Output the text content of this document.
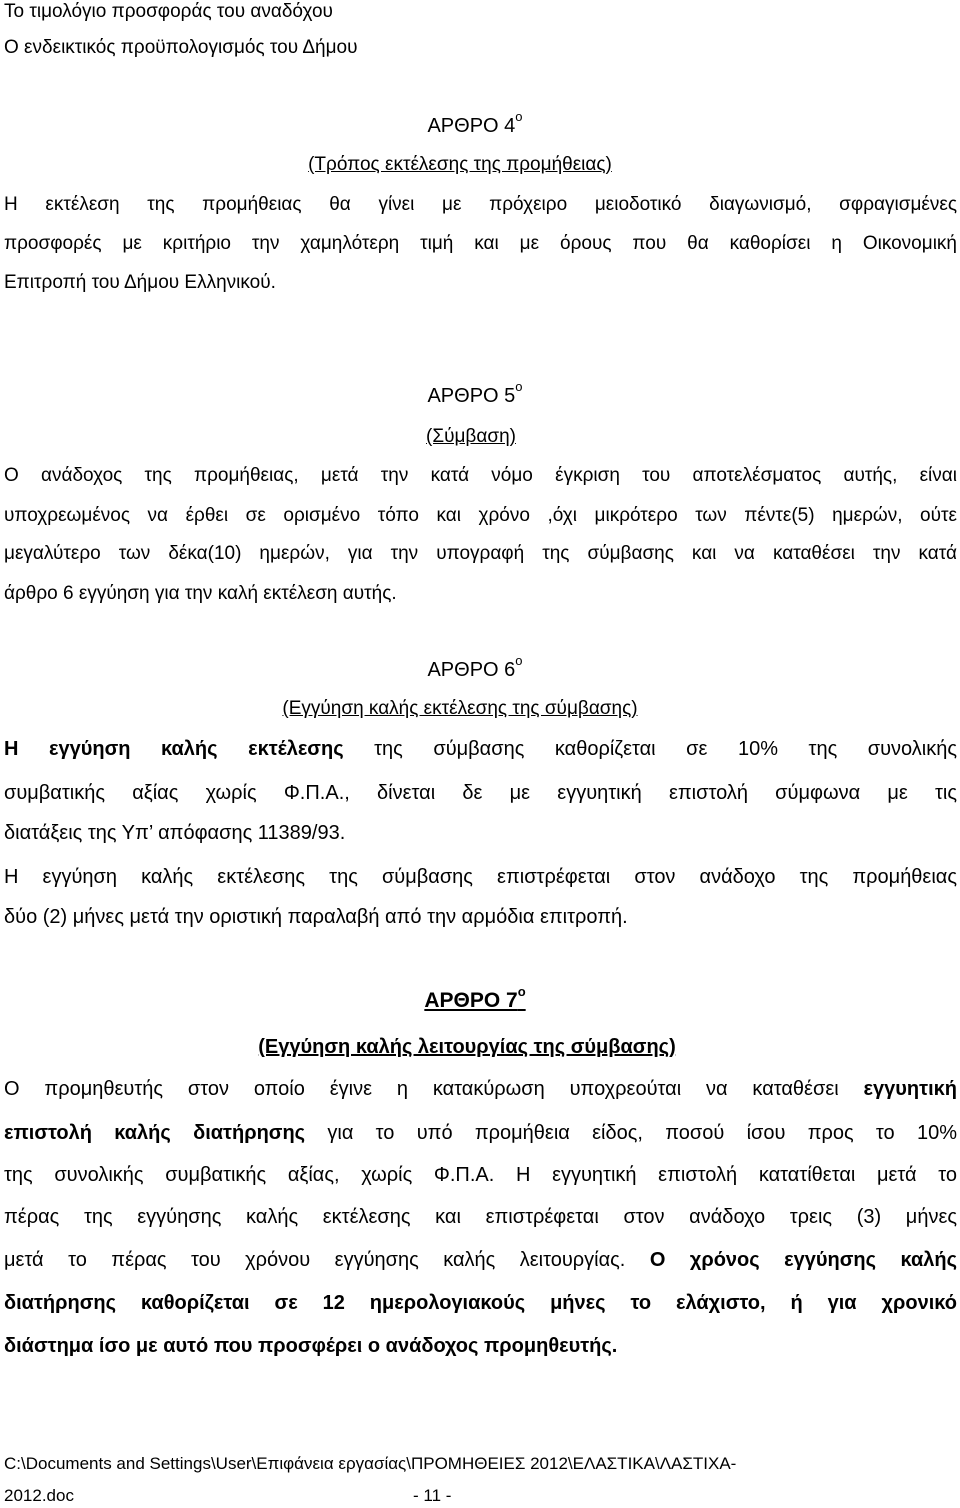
Το τιμολόγιο προσφοράς του αναδόχου
Ο ενδεικτικός προϋπολογισμός του Δήμου
ΑΡΘΡΟ $4^o$
(Τρόπος εκτέλεσης της προμήθειας)
Η εκτέλεση της προμήθειας θα γίνει με πρόχειρο μειοδοτικό διαγωνισμό, σφραγισμένες
προσφορές με κριτήριο την χαμηλότερη τιμή και με όρους που θα καθορίσει η Οικονομική
Επιτροπή του Δήμου Ελληνικού.
ΑΡΘΡΟ $5^o$
(Σύμβαση)
Ο ανάδοχος της προμήθειας, μετά την κατά νόμο έγκριση του αποτελέσματος αυτής, είναι
υποχρεωμένος να έρθει σε ορισμένο τόπο και χρόνο ,όχι μικρότερο των πέντε(5) ημερών, ούτε
μεγαλύτερο των δέκα(10) ημερών, για την υπογραφή της σύμβασης και να καταθέσει την κατά
άρθρο 6 εγγύηση για την καλή εκτέλεση αυτής.
ΑΡΘΡΟ $6^o$
(Εγγύηση καλής εκτέλεσης της σύμβασης)
Η εγγύηση καλής εκτέλεσης της σύμβασης καθορίζεται σε 10% της συνολικής
συμβατικής αξίας χωρίς Φ.Π.Α., δίνεται δε με εγγυητική επιστολή σύμφωνα με τις
διατάξεις της Υπ’ απόφασης 11389/93.
Η εγγύηση καλής εκτέλεσης της σύμβασης επιστρέφεται στον ανάδοχο της προμήθειας
δύο (2) μήνες μετά την οριστική παραλαβή από την αρμόδια επιτροπή.
ΑΡΘΡΟ $7^o$
(Εγγύηση καλής λειτουργίας της σύμβασης)
Ο προμηθευτής στον οποίο έγινε η κατακύρωση υποχρεούται να καταθέσει εγγυητική
επιστολή καλής διατήρησης για το υπό προμήθεια είδος, ποσού ίσου προς το 10%
της συνολικής συμβατικής αξίας, χωρίς Φ.Π.Α. Η εγγυητική επιστολή κατατίθεται μετά το
πέρας της εγγύησης καλής εκτέλεσης και επιστρέφεται στον ανάδοχο τρεις (3) μήνες
μετά το πέρας του χρόνου εγγύησης καλής λειτουργίας. Ο χρόνος εγγύησης καλής
διατήρησης καθορίζεται σε 12 ημερολογιακούς μήνες το ελάχιστο, ή για χρονικό
διάστημα ίσο με αυτό που προσφέρει ο ανάδοχος προμηθευτής.
C:\Documents and Settings\User\Επιφάνεια εργασίας\ΠΡΟΜΗΘΕΙΕΣ 2012\ΕΛΑΣΤΙΚΑ\ΛΑΣΤΙΧΑ-
2012.doc	- 11 -
